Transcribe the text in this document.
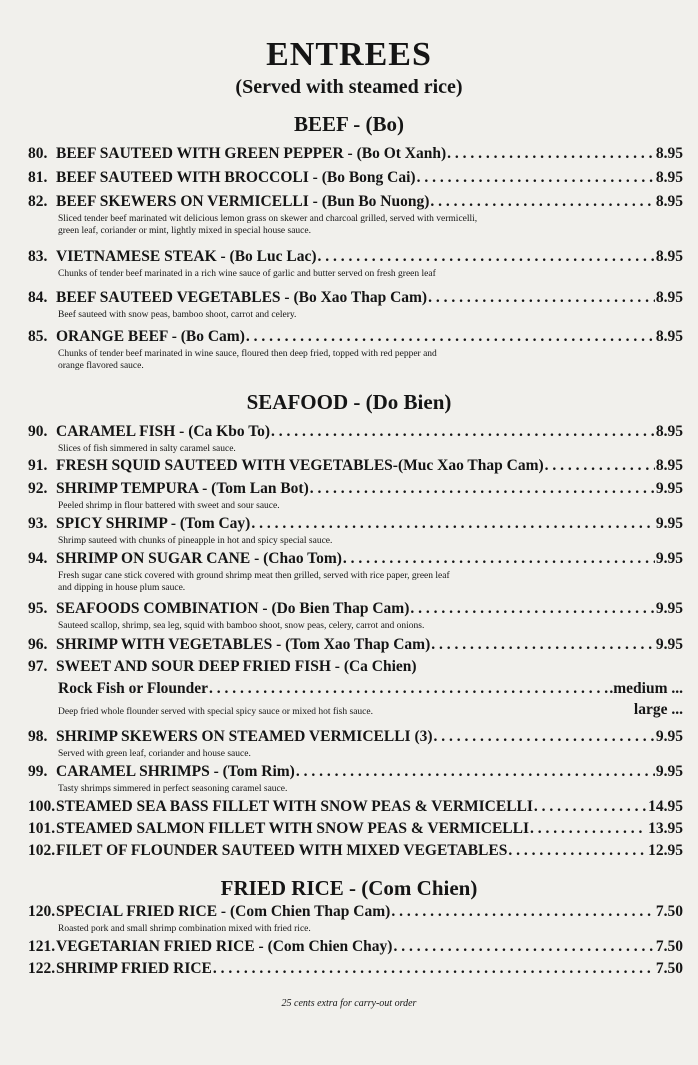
ENTREES
(Served with steamed rice)
BEEF - (Bo)
80. BEEF SAUTEED WITH GREEN PEPPER - (Bo Ot Xanh) . . .	8.95
81. BEEF SAUTEED WITH BROCCOLI - (Bo Bong Cai) . . .	8.95
82. BEEF SKEWERS ON VERMICELLI - (Bun Bo Nuong) . . .	8.95
Sliced tender beef marinated wit delicious lemon grass on skewer and charcoal grilled, served with vermicelli, green leaf, coriander or mint, lightly mixed in special house sauce.
83. VIETNAMESE STEAK - (Bo Luc Lac) . . .	8.95
Chunks of tender beef marinated in a rich wine sauce of garlic and butter served on fresh green leaf
84. BEEF SAUTEED VEGETABLES - (Bo Xao Thap Cam) . . .	8.95
Beef sauteed with snow peas, bamboo shoot, carrot and celery.
85. ORANGE BEEF - (Bo Cam) . . .	8.95
Chunks of tender beef marinated in wine sauce, floured then deep fried, topped with red pepper and orange flavored sauce.
SEAFOOD - (Do Bien)
90. CARAMEL FISH - (Ca Kbo To) . . .	8.95
Slices of fish simmered in salty caramel sauce.
91. FRESH SQUID SAUTEED WITH VEGETABLES-(Muc Xao Thap Cam) . . .	8.95
92. SHRIMP TEMPURA - (Tom Lan Bot) . . .	9.95
Peeled shrimp in flour battered with sweet and sour sauce.
93. SPICY SHRIMP - (Tom Cay) . . .	9.95
Shrimp sauteed with chunks of pineapple in hot and spicy special sauce.
94. SHRIMP ON SUGAR CANE - (Chao Tom) . . .	9.95
Fresh sugar cane stick covered with ground shrimp meat then grilled, served with rice paper, green leaf and dipping in house plum sauce.
95. SEAFOODS COMBINATION - (Do Bien Thap Cam) . . .	9.95
Sauteed scallop, shrimp, sea leg, squid with bamboo shoot, snow peas, celery, carrot and onions.
96. SHRIMP WITH VEGETABLES - (Tom Xao Thap Cam) . . .	9.95
97. SWEET AND SOUR DEEP FRIED FISH - (Ca Chien)
Rock Fish or Flounder . . .	.medium ...
Deep fried whole flounder served with special spicy sauce or mixed hot fish sauce.	large ...
98. SHRIMP SKEWERS ON STEAMED VERMICELLI (3) . . .	9.95
Served with green leaf, coriander and house sauce.
99. CARAMEL SHRIMPS - (Tom Rim) . . .	9.95
Tasty shrimps simmered in perfect seasoning caramel sauce.
100. STEAMED SEA BASS FILLET WITH SNOW PEAS & VERMICELLI . . .	14.95
101. STEAMED SALMON FILLET WITH SNOW PEAS & VERMICELLI . . .	13.95
102. FILET OF FLOUNDER SAUTEED WITH MIXED VEGETABLES . . .	12.95
FRIED RICE - (Com Chien)
120. SPECIAL FRIED RICE - (Com Chien Thap Cam) . . .	7.50
Roasted pork and small shrimp combination mixed with fried rice.
121. VEGETARIAN FRIED RICE - (Com Chien Chay) . . .	7.50
122. SHRIMP FRIED RICE . . .	7.50
25 cents extra for carry-out order
